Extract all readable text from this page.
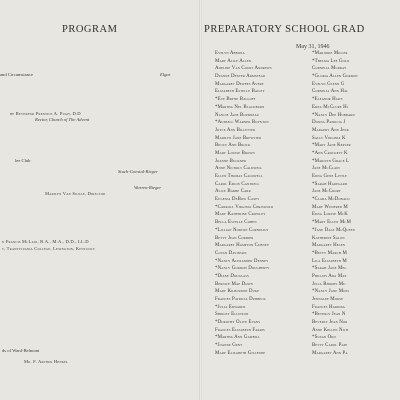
PROGRAM
and Circumstance	Elgar
he Reverend Prentice A. Pugh, D.D
Rector, Church of The Advent
lee Club
Stuch-Goestal-Rieger
Warren-Rieger
Marilyn Van Sickle, Director
n Francis McLain, B.A., M.A., D.D., LL.D
t, Transylvania College, Lexington, Kentucky
ds of Ward-Belmont
Mr. F. Arthur Henkel
PREPARATORY SCHOOL GRAD
May 31, 1946
Evelyn Abbona
Mary Alice Allen
Adeline Van Court Andrews
Dyanne Dexter Armstead
Margaret Dewees Avery
Elizabeth Estelle Bailey
*Eve Bryne Balloff
*Martha Nel Blackburn
Nancie Jane Boudreau
*Ausbell Warner Boynton
Joyce Ann Billetter
Marilyn Jane Brewster
Becky Ann Brock
Mary Louise Brown
Joanne Buckner
Anne Nichols Caldwell
Ellen Thomas Caldwell
Carol Emlin Cantrell
Alice Barbe Carr
Eugenia DeBow Casey
*Carroll Virginia Chriswold
Mary Katherine Crowley
Bella Estelle Cohen
*Lillian Norton Cornelius
Betty Jean Cordier
Margaret Hampton Cubney
Covan Davidson
*Nancy Alexander Denney
*Nancy Gordon Dougherty
*Diane Douglass
Bernice Mae Down
Mary Kilbourne Duke
Frances Patricia Dubbeck
*Julia Edwards
Shirley Ellinton
*Dorothy Olive Evans
Frances Elizabeth Farris
*Martha Ann Gambill
*Joanne Geny
Mary Elizabeth Gillespie
*Marjorie Miller
*Thelma Lee Gold
Cornelia Murray
*Gloria Allen Gordon
Evelyn Glenn G
Cornelia Ann Hal
*Eleanor Hiatt
Erna McClure Hi
*Nancy Dee Hubbard
Donna Patricia J
Margery Ann Jenk
Sally Virginia K
*Mary Jane Kepler
*Ann Crockett K
*Marilyn Grace L
Jane McClain
Edna Gene Little
*Sarah Haregard
Jane McCrory
*Clara McDonald
Mary Winifred M
Edna Louise McK
*Mary Ellen McM
*Jane Dale McQueen
Katherine Salon
Margaret Helen
*Betty March M
Lila Elizabeth M
*Sarah Jane Mel
Phillips Ada May
Julia Rhodes Mu
*Nancy Jane Moss
Jennalee Morse
Frances Harding
*Beverly Jean N
Beverly Jean Nor
Anne Kellen Nich
*Susan Ord
Betty Carol Pate
Margaret Ann Pa
